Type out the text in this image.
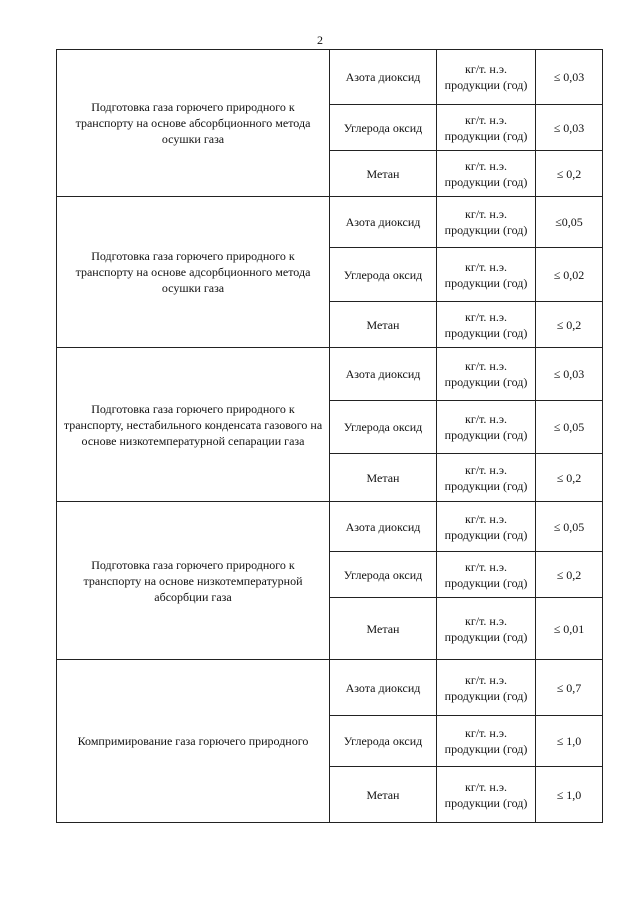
2
Подготовка газа горючего природного к транспорту на основе абсорбционного метода осушки газа	Азота диоксид	кг/т. н.э. продукции (год)	≤ 0,03
	Углерода оксид	кг/т. н.э. продукции (год)	≤ 0,03
	Метан	кг/т. н.э. продукции (год)	≤ 0,2
Подготовка газа горючего природного к транспорту на основе адсорбционного метода осушки газа	Азота диоксид	кг/т. н.э. продукции (год)	≤0,05
	Углерода оксид	кг/т. н.э. продукции (год)	≤ 0,02
	Метан	кг/т. н.э. продукции (год)	≤ 0,2
Подготовка газа горючего природного к транспорту, нестабильного конденсата газового на основе низкотемпературной сепарации газа	Азота диоксид	кг/т. н.э. продукции (год)	≤ 0,03
	Углерода оксид	кг/т. н.э. продукции (год)	≤ 0,05
	Метан	кг/т. н.э. продукции (год)	≤ 0,2
Подготовка газа горючего природного к транспорту на основе низкотемпературной абсорбции газа	Азота диоксид	кг/т. н.э. продукции (год)	≤ 0,05
	Углерода оксид	кг/т. н.э. продукции (год)	≤ 0,2
	Метан	кг/т. н.э. продукции (год)	≤ 0,01
Компримирование газа горючего природного	Азота диоксид	кг/т. н.э. продукции (год)	≤ 0,7
	Углерода оксид	кг/т. н.э. продукции (год)	≤ 1,0
	Метан	кг/т. н.э. продукции (год)	≤ 1,0
